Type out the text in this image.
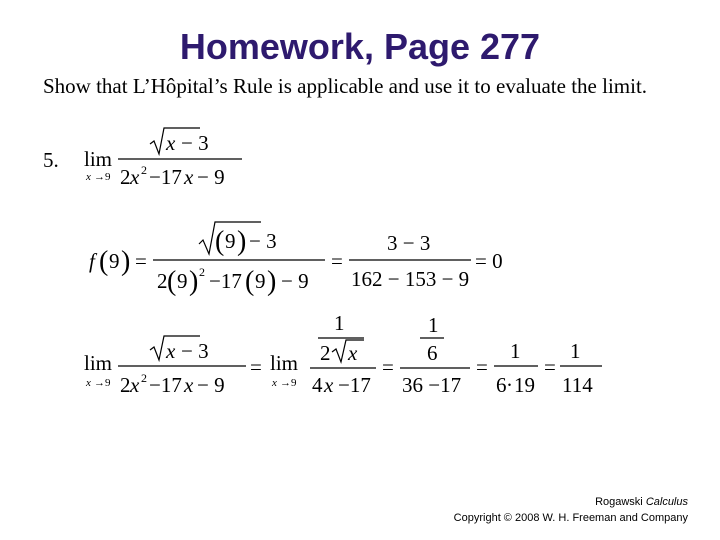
Homework, Page 277
Show that L’Hôpital’s Rule is applicable and use it to evaluate the limit.
5. lim
x →9
x − 3
2 x 2 −17 x − 9
f ( 9 ) =
( 9 ) − 3
2 ( 9 ) 2 −17 ( 9 ) − 9
=
3 − 3
162 − 153 − 9
= 0
lim
x →9
x − 3
2 x 2 −17 x − 9
= lim
x →9
1
2 x
4 x −17
=
1
6
36 −17
=
1
6 · 19
=
1
114
Rogawski Calculus
Copyright © 2008 W. H. Freeman and Company
